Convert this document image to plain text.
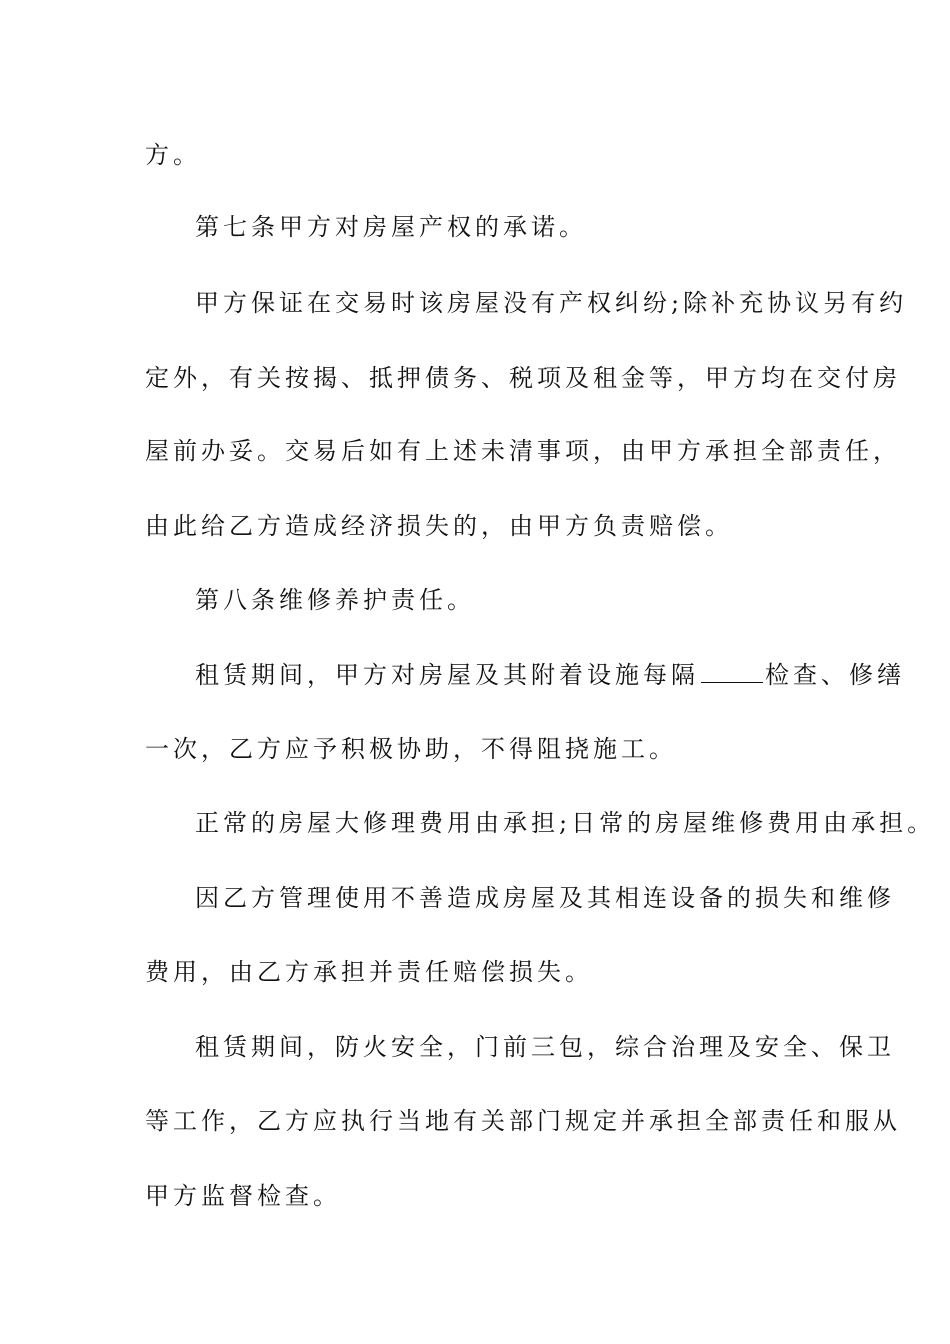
方。
第七条甲方对房屋产权的承诺。
甲方保证在交易时该房屋没有产权纠纷;除补充协议另有约
定外，有关按揭、抵押债务、税项及租金等，甲方均在交付房
屋前办妥。交易后如有上述未清事项，由甲方承担全部责任，
由此给乙方造成经济损失的，由甲方负责赔偿。
第八条维修养护责任。
租赁期间，甲方对房屋及其附着设施每隔	检查、修缮
一次，乙方应予积极协助，不得阻挠施工。
正常的房屋大修理费用由承担;日常的房屋维修费用由承担。
因乙方管理使用不善造成房屋及其相连设备的损失和维修
费用，由乙方承担并责任赔偿损失。
租赁期间，防火安全，门前三包，综合治理及安全、保卫
等工作，乙方应执行当地有关部门规定并承担全部责任和服从
甲方监督检查。
